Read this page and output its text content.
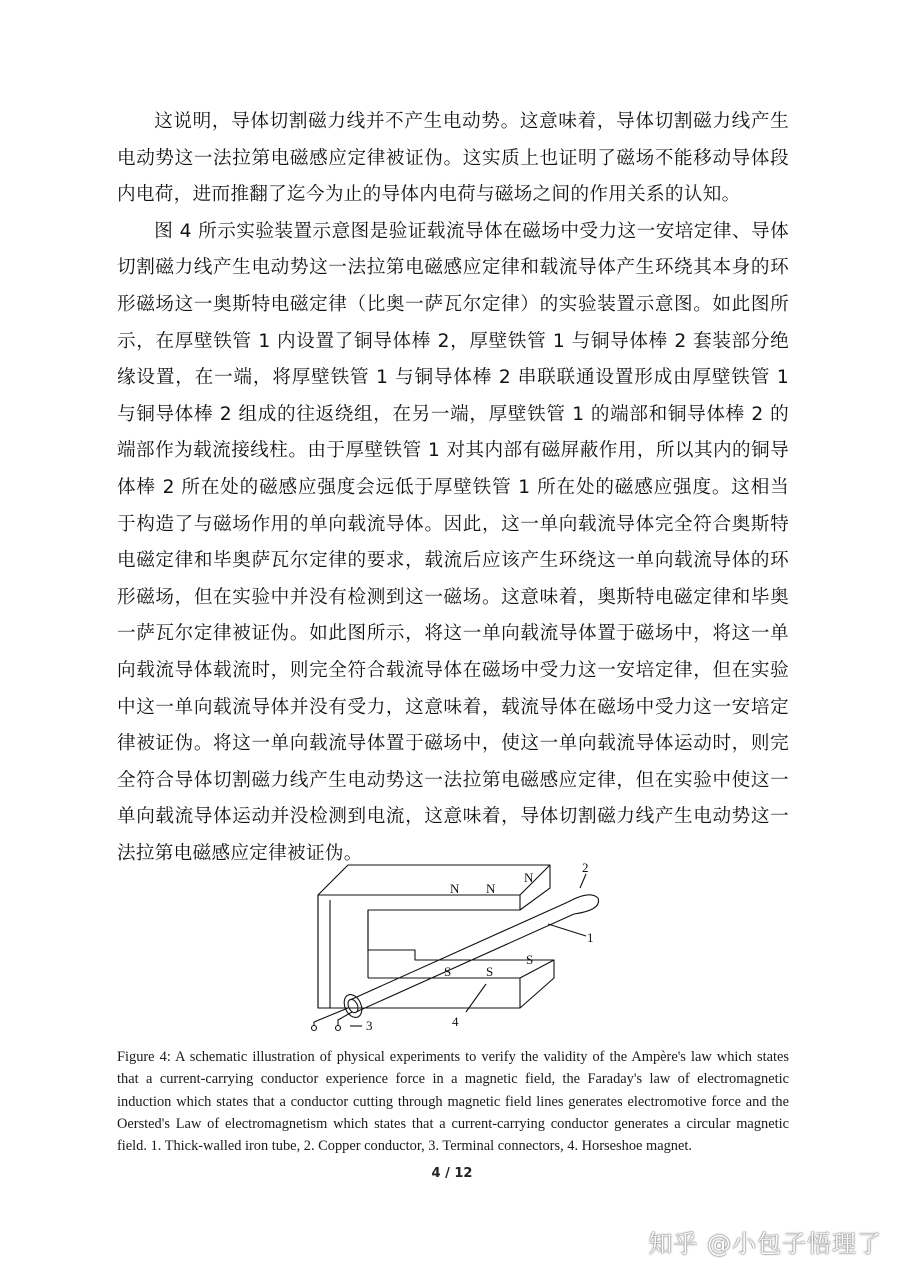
这说明，导体切割磁力线并不产生电动势。这意味着，导体切割磁力线产生电动势这一法拉第电磁感应定律被证伪。这实质上也证明了磁场不能移动导体段内电荷，进而推翻了迄今为止的导体内电荷与磁场之间的作用关系的认知。

图 4 所示实验装置示意图是验证载流导体在磁场中受力这一安培定律、导体切割磁力线产生电动势这一法拉第电磁感应定律和载流导体产生环绕其本身的环形磁场这一奥斯特电磁定律（比奥一萨瓦尔定律）的实验装置示意图。如此图所示，在厚壁铁管 1 内设置了铜导体棒 2，厚壁铁管 1 与铜导体棒 2 套装部分绝缘设置，在一端，将厚壁铁管 1 与铜导体棒 2 串联联通设置形成由厚壁铁管 1 与铜导体棒 2 组成的往返绕组，在另一端，厚壁铁管 1 的端部和铜导体棒 2 的端部作为载流接线柱。由于厚壁铁管 1 对其内部有磁屏蔽作用，所以其内的铜导体棒 2 所在处的磁感应强度会远低于厚壁铁管 1 所在处的磁感应强度。这相当于构造了与磁场作用的单向载流导体。因此，这一单向载流导体完全符合奥斯特电磁定律和毕奥萨瓦尔定律的要求，载流后应该产生环绕这一单向载流导体的环形磁场，但在实验中并没有检测到这一磁场。这意味着，奥斯特电磁定律和毕奥一萨瓦尔定律被证伪。如此图所示，将这一单向载流导体置于磁场中，将这一单向载流导体载流时，则完全符合载流导体在磁场中受力这一安培定律，但在实验中这一单向载流导体并没有受力，这意味着，载流导体在磁场中受力这一安培定律被证伪。将这一单向载流导体置于磁场中，使这一单向载流导体运动时，则完全符合导体切割磁力线产生电动势这一法拉第电磁感应定律，但在实验中使这一单向载流导体运动并没检测到电流，这意味着，导体切割磁力线产生电动势这一法拉第电磁感应定律被证伪。

N N
N
S	S
S
1
2
3	4
Figure 4: A schematic illustration of physical experiments to verify the validity of the Ampère's law which states that a current-carrying conductor experience force in a magnetic field, the Faraday's law of electromagnetic induction which states that a conductor cutting through magnetic field lines generates electromotive force and the Oersted's Law of electromagnetism which states that a current-carrying conductor generates a circular magnetic field. 1. Thick-walled iron tube, 2. Copper conductor, 3. Terminal connectors, 4. Horseshoe magnet.
4 / 12
知乎 @小包子悟理了
